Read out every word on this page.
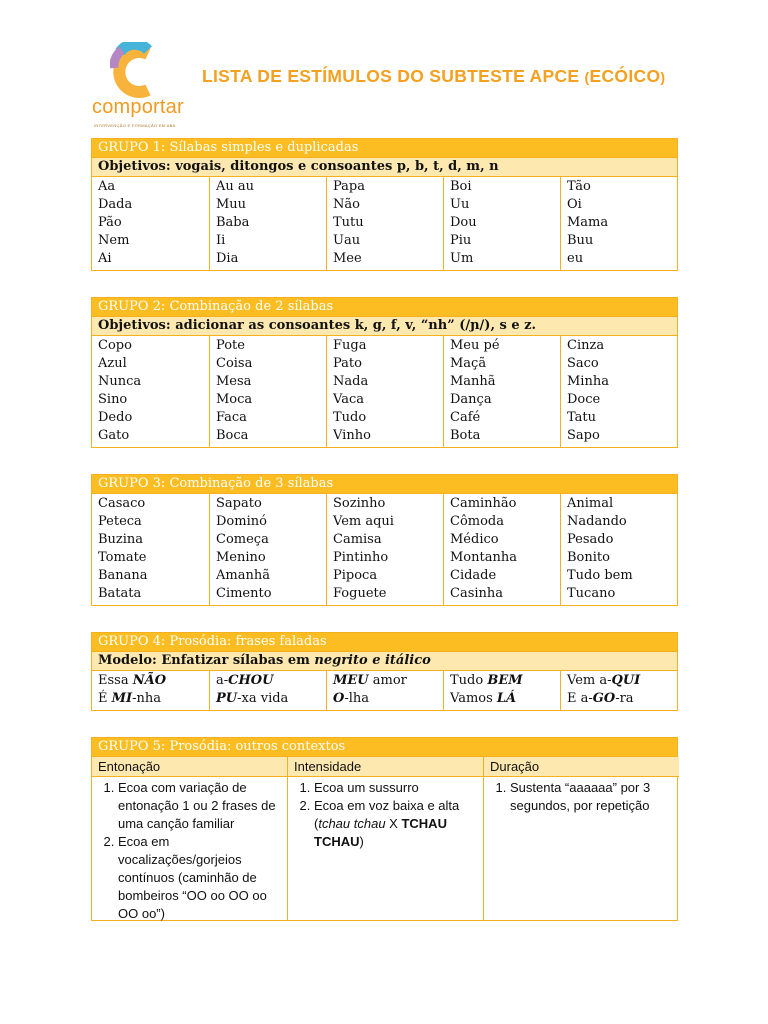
comportar
INTERVENÇÃO E FORMAÇÃO EM ABA
LISTA DE ESTÍMULOS DO SUBTESTE APCE (ECÓICO)
GRUPO 1: Sílabas simples e duplicadas
Objetivos: vogais, ditongos e consoantes p, b, t, d, m, n
Aa
Dada
Pão
Nem
Ai
Au au
Muu
Baba
Ii
Dia
Papa
Não
Tutu
Uau
Mee
Boi
Uu
Dou
Piu
Um
Tão
Oi
Mama
Buu
eu
GRUPO 2: Combinação de 2 sílabas
Objetivos: adicionar as consoantes k, g, f, v, “nh” (/ɲ/), s e z.
Copo
Azul
Nunca
Sino
Dedo
Gato
Pote
Coisa
Mesa
Moca
Faca
Boca
Fuga
Pato
Nada
Vaca
Tudo
Vinho
Meu pé
Maçã
Manhã
Dança
Café
Bota
Cinza
Saco
Minha
Doce
Tatu
Sapo
GRUPO 3: Combinação de 3 sílabas
Casaco
Peteca
Buzina
Tomate
Banana
Batata
Sapato
Dominó
Começa
Menino
Amanhã
Cimento
Sozinho
Vem aqui
Camisa
Pintinho
Pipoca
Foguete
Caminhão
Cômoda
Médico
Montanha
Cidade
Casinha
Animal
Nadando
Pesado
Bonito
Tudo bem
Tucano
GRUPO 4: Prosódia: frases faladas
Modelo: Enfatizar sílabas em negrito e itálico
Essa NÃO
É MI-nha
a-CHOU
PU-xa vida
MEU amor
O-lha
Tudo BEM
Vamos LÁ
Vem a-QUI
E a-GO-ra
GRUPO 5: Prosódia: outros contextos
Entonação	Intensidade	Duração
1. Ecoa com variação de entonação 1 ou 2 frases de uma canção familiar
2. Ecoa em vocalizações/gorjeios contínuos (caminhão de bombeiros “OO oo OO oo OO oo”)
1. Ecoa um sussurro
2. Ecoa em voz baixa e alta (tchau tchau X TCHAU TCHAU)
1. Sustenta “aaaaaa” por 3 segundos, por repetição
